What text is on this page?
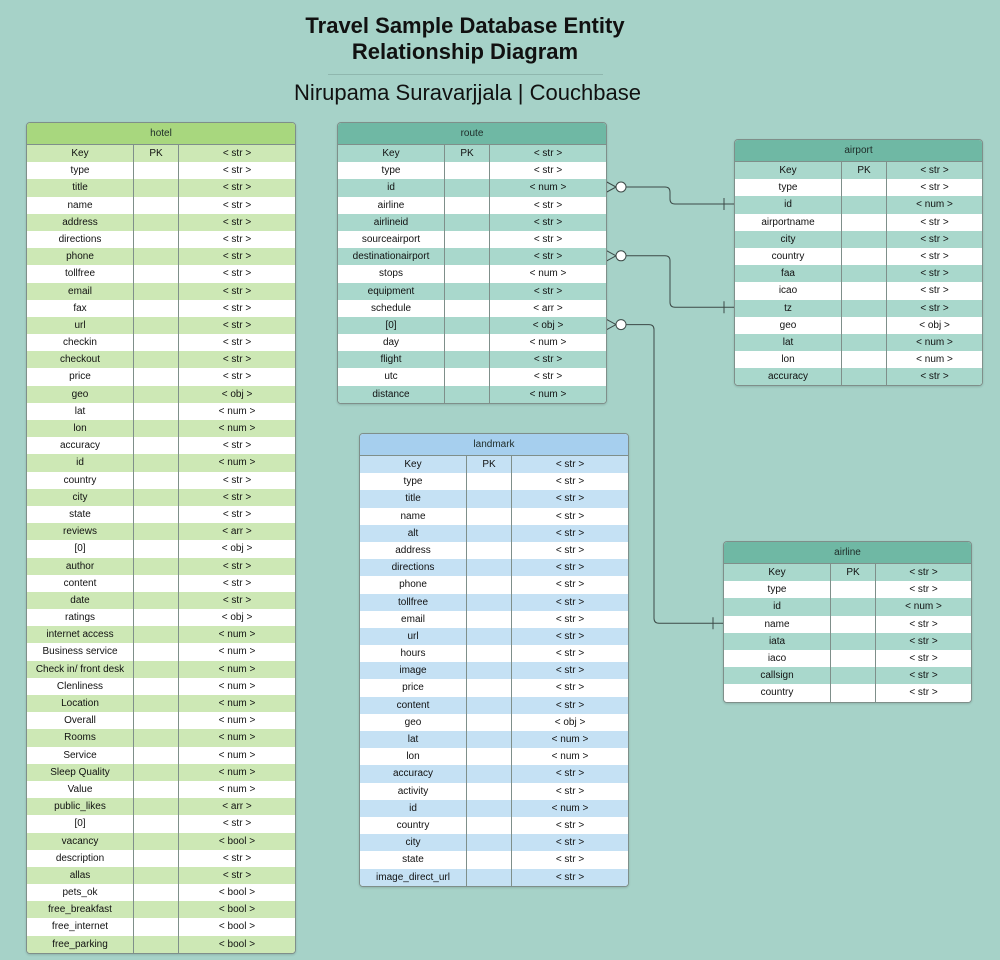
Travel Sample Database Entity
Relationship Diagram
Nirupama Suravarjjala | Couchbase
hotel
Key	PK	< str >
type	< str >
title	< str >
name	< str >
address	< str >
directions	< str >
phone	< str >
tollfree	< str >
email	< str >
fax	< str >
url	< str >
checkin	< str >
checkout	< str >
price	< str >
geo	< obj >
lat	< num >
lon	< num >
accuracy	< str >
id	< num >
country	< str >
city	< str >
state	< str >
reviews	< arr >
[0]	< obj >
author	< str >
content	< str >
date	< str >
ratings	< obj >
internet access	< num >
Business service	< num >
Check in/ front desk	< num >
Clenliness	< num >
Location	< num >
Overall	< num >
Rooms	< num >
Service	< num >
Sleep Quality	< num >
Value	< num >
public_likes	< arr >
[0]	< str >
vacancy	< bool >
description	< str >
allas	< str >
pets_ok	< bool >
free_breakfast	< bool >
free_internet	< bool >
free_parking	< bool >
route
Key	PK	< str >
type	< str >
id	< num >
airline	< str >
airlineid	< str >
sourceairport	< str >
destinationairport	< str >
stops	< num >
equipment	< str >
schedule	< arr >
[0]	< obj >
day	< num >
flight	< str >
utc	< str >
distance	< num >
airport
Key	PK	< str >
type	< str >
id	< num >
airportname	< str >
city	< str >
country	< str >
faa	< str >
icao	< str >
tz	< str >
geo	< obj >
lat	< num >
lon	< num >
accuracy	< str >
landmark
Key	PK	< str >
type	< str >
title	< str >
name	< str >
alt	< str >
address	< str >
directions	< str >
phone	< str >
tollfree	< str >
email	< str >
url	< str >
hours	< str >
image	< str >
price	< str >
content	< str >
geo	< obj >
lat	< num >
lon	< num >
accuracy	< str >
activity	< str >
id	< num >
country	< str >
city	< str >
state	< str >
image_direct_url	< str >
airline
Key	PK	< str >
type	< str >
id	< num >
name	< str >
iata	< str >
iaco	< str >
callsign	< str >
country	< str >
